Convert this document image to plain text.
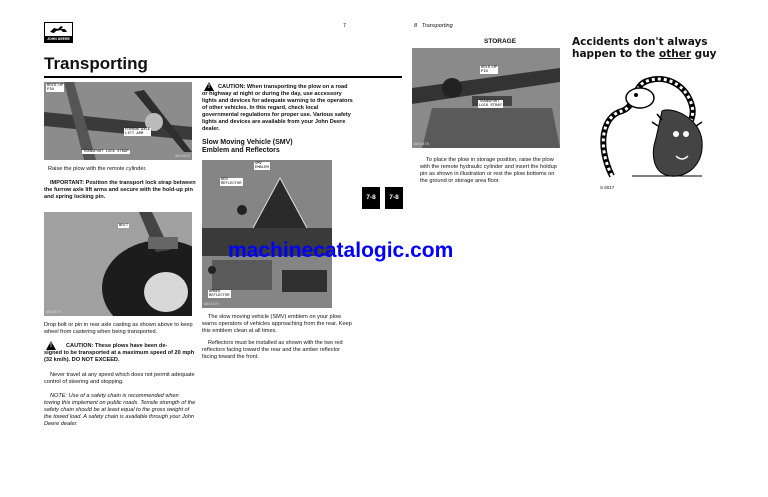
JOHN DEERE
7
Transporting
HOLD-UP
PIN
FURROW AXLE
LIFT ARM
TRANSPORT LOCK STRAP
A8C4473
Raise the plow with the remote cylinder.
IMPORTANT: Position the transport lock strap between the furrow axle lift arms and secure with the hold-up pin and spring locking pin.
BOLT
A8C4474
Drop bolt or pin in rear axle casting as shown above to keep wheel from castering when being transported.
!
CAUTION: These plows have been de-
signed to be transported at a maximum speed of 20 mph (32 km/h). DO NOT EXCEED.
Never travel at any speed which does not permit adequate control of steering and stopping.
NOTE: Use of a safety chain is recommended when towing this implement on public roads. Tensile strength of the safety chain should be at least equal to the gross weight of the towed load. A safety chain is available through your John Deere dealer.
!
CAUTION: When transporting the plow on a road or highway at night or during the day, use accessory lights and devices for adequate warning to the operators of other vehicles. In this regard, check local governmental regulations for proper use. Various safety lights and devices are available from your John Deere dealer.
Slow Moving Vehicle (SMV)
Emblem and Reflectors
SMV
EMBLEM
RED
REFLECTOR
AMBER
REFLECTOR
A8C4475
7-8
The slow moving vehicle (SMV) emblem on your plow warns operators of vehicles approaching from the rear. Keep this emblem clean at all times.
Reflectors must be installed as shown with the two red reflectors facing toward the rear and the amber reflector facing toward the front.
8 Transporting
STORAGE
HOLD-UP
PIN
TRANSPORT
LOCK STRAP
A8C4476
7-8
To place the plow in storage position, raise the plow with the remote hydraulic cylinder and insert the holdup pin as shown in illustration or rest the plow bottoms on the ground or storage area floor.
Accidents don't always
happen to the other guy
S 6017
machinecatalogic.com
